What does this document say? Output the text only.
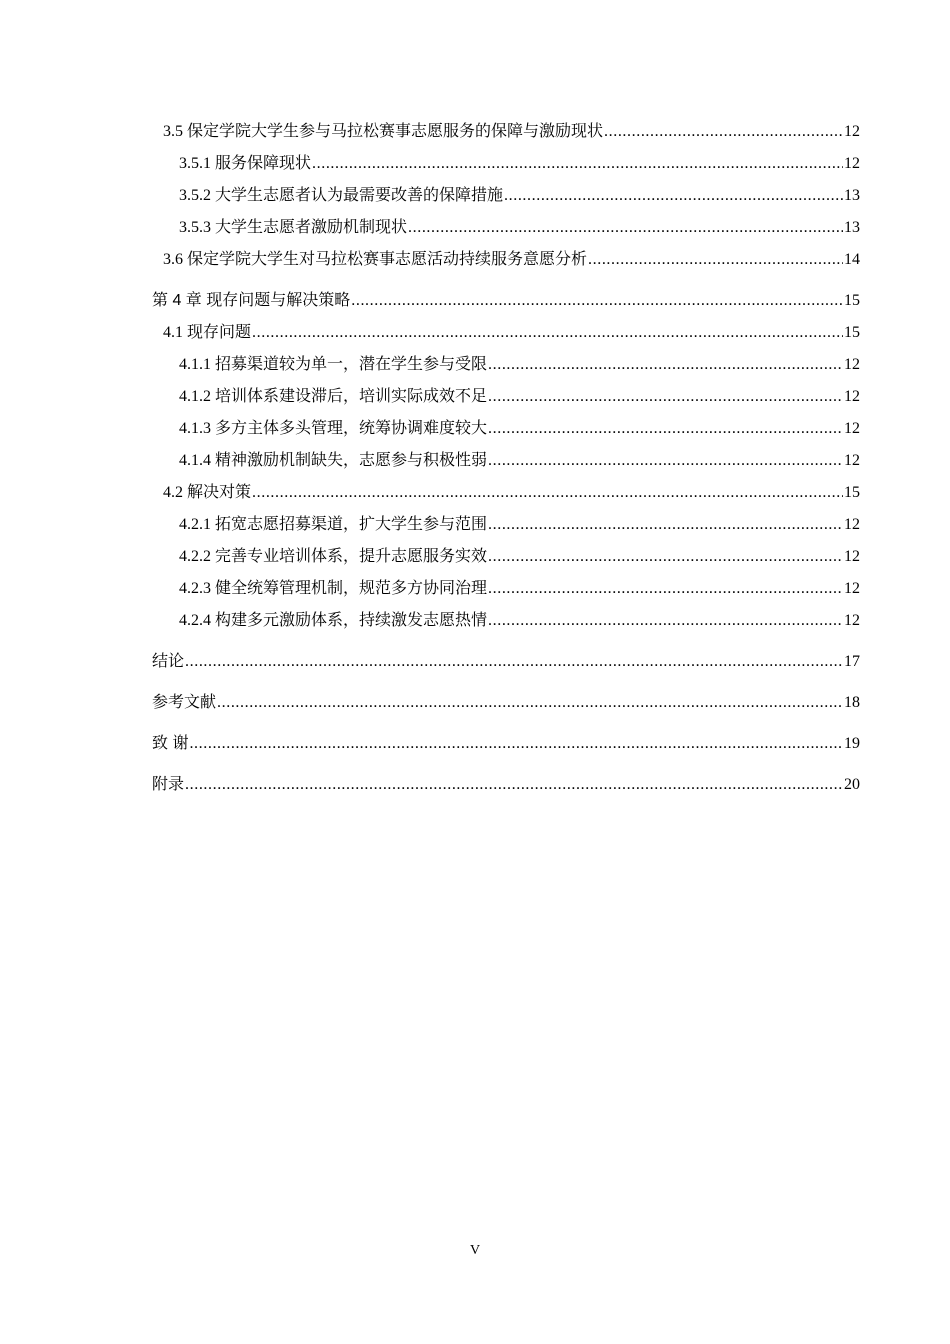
3.5 保定学院大学生参与马拉松赛事志愿服务的保障与激励现状 .....	12
3.5.1 服务保障现状 .....	12
3.5.2 大学生志愿者认为最需要改善的保障措施 .....	13
3.5.3 大学生志愿者激励机制现状 .....	13
3.6 保定学院大学生对马拉松赛事志愿活动持续服务意愿分析 .....	14
第 4 章 现存问题与解决策略 .....	15
4.1 现存问题 .....	15
4.1.1 招募渠道较为单一，潜在学生参与受限 .....	12
4.1.2 培训体系建设滞后，培训实际成效不足 .....	12
4.1.3 多方主体多头管理，统筹协调难度较大 .....	12
4.1.4 精神激励机制缺失，志愿参与积极性弱 .....	12
4.2 解决对策 .....	15
4.2.1 拓宽志愿招募渠道，扩大学生参与范围 .....	12
4.2.2 完善专业培训体系，提升志愿服务实效 .....	12
4.2.3 健全统筹管理机制，规范多方协同治理 .....	12
4.2.4 构建多元激励体系，持续激发志愿热情 .....	12
结论 .....	17
参考文献 .....	18
致 谢 .....	19
附录 .....	20
V
